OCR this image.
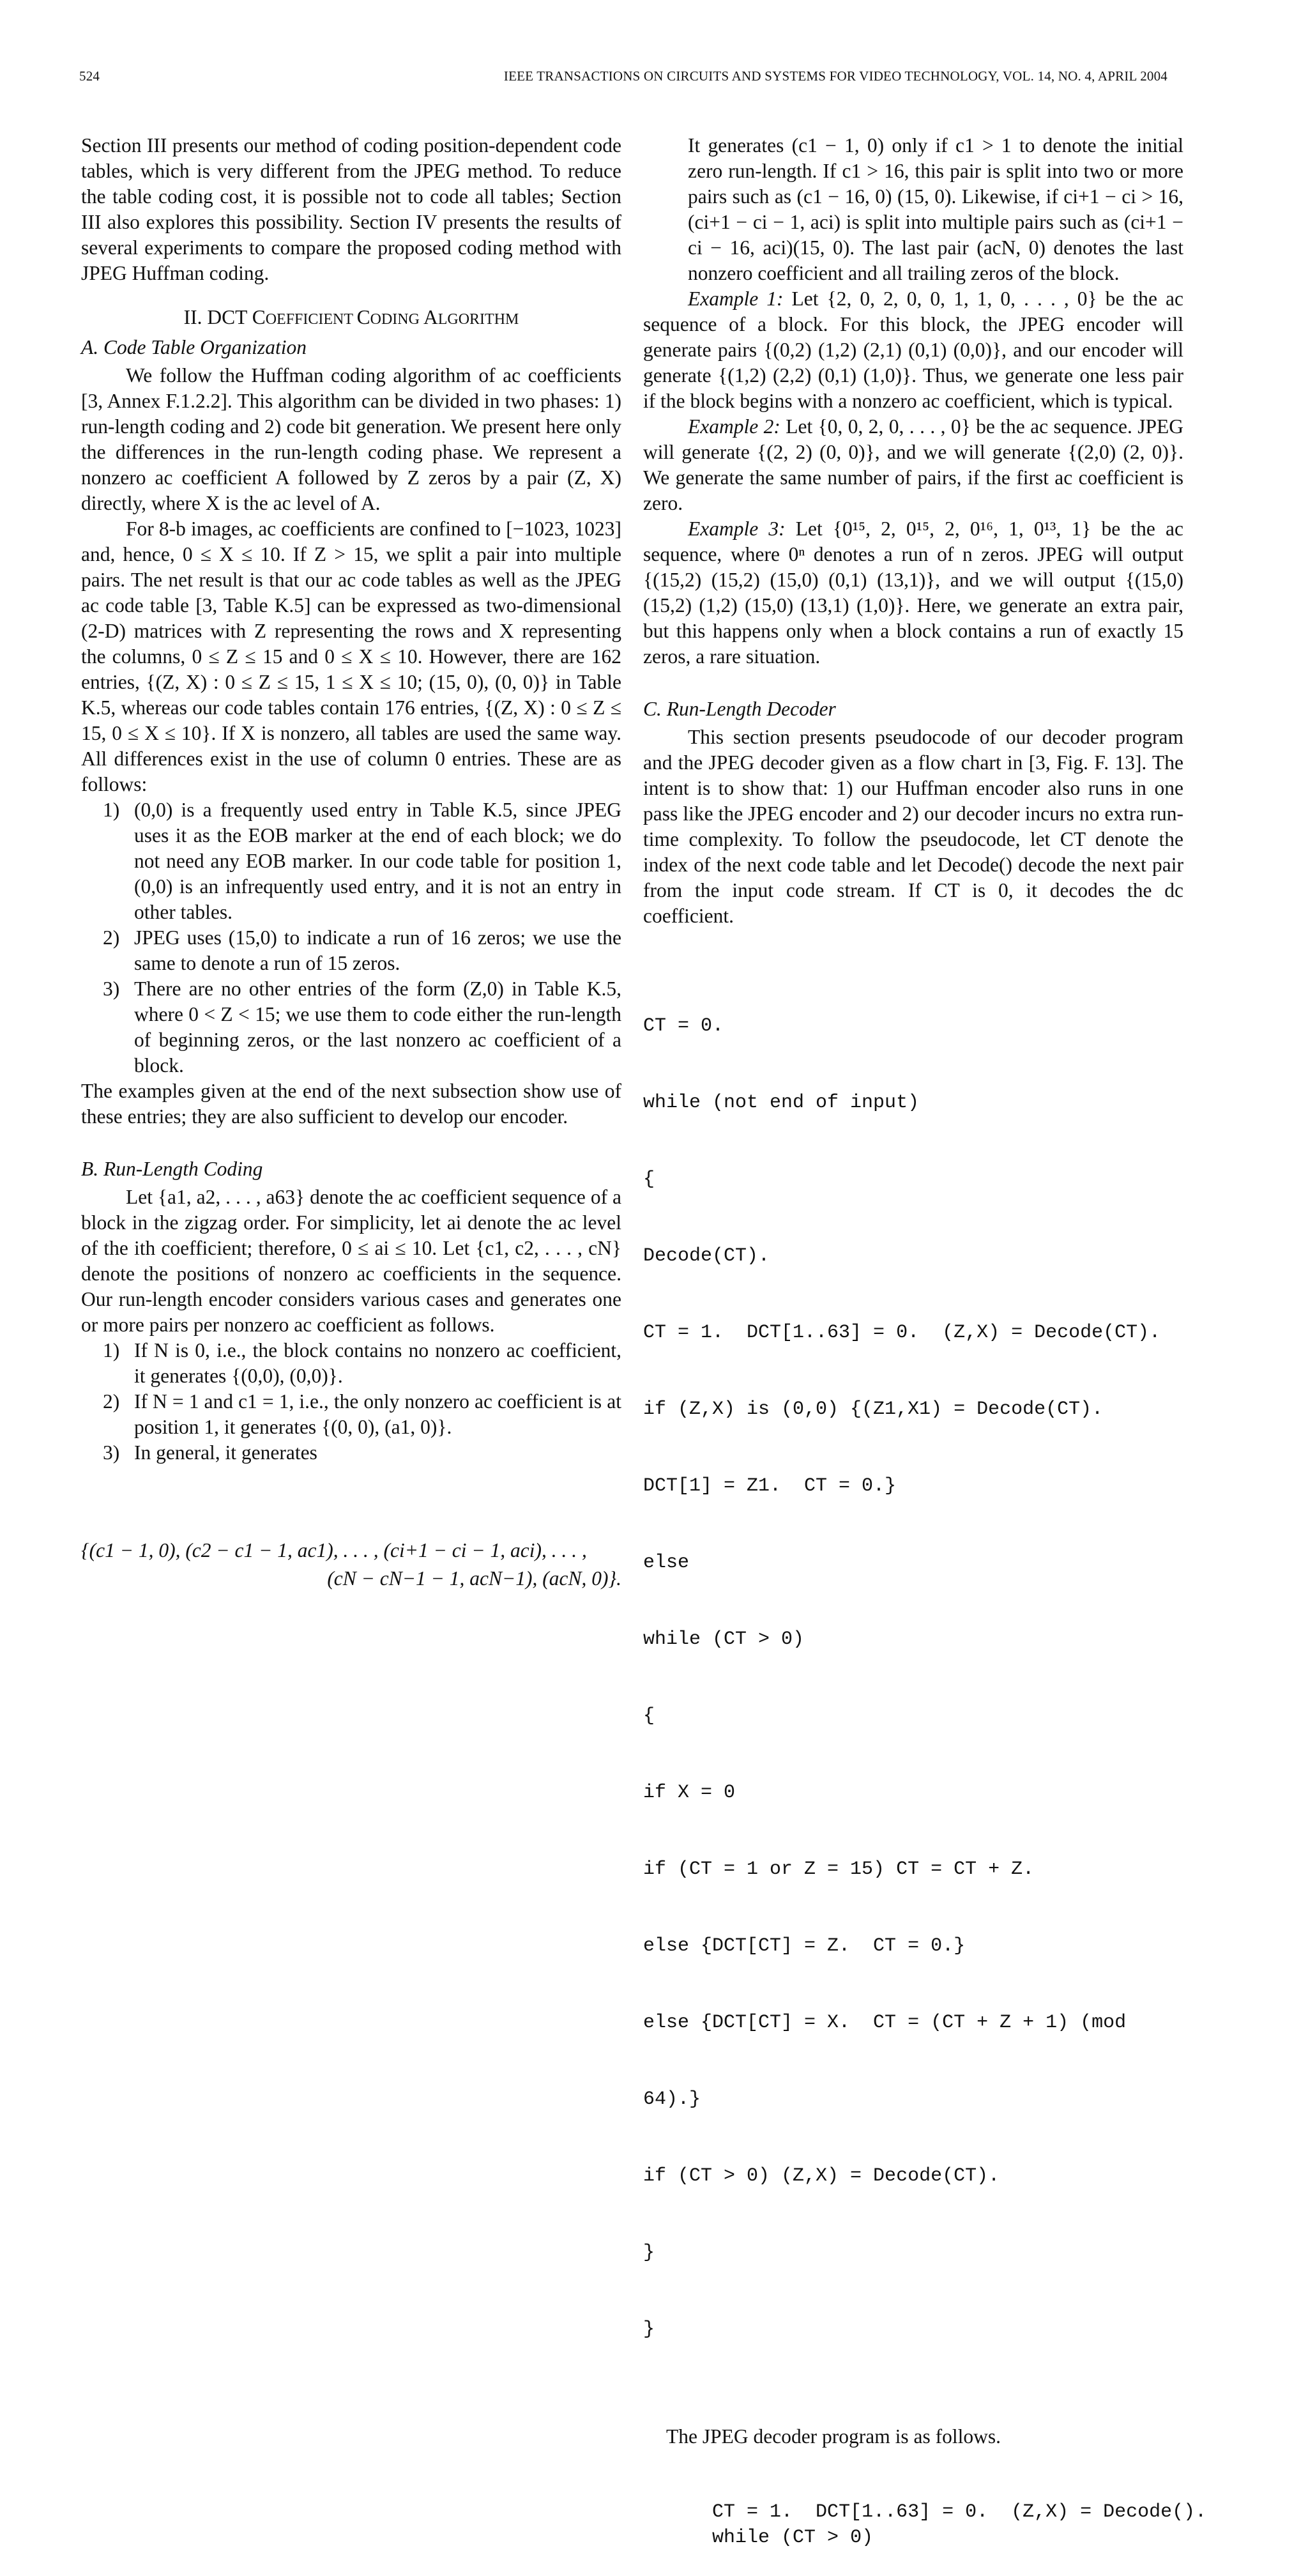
524	IEEE TRANSACTIONS ON CIRCUITS AND SYSTEMS FOR VIDEO TECHNOLOGY, VOL. 14, NO. 4, APRIL 2004

Section III presents our method of coding position-dependent code tables, which is very different from the JPEG method. To reduce the table coding cost, it is possible not to code all tables; Section III also explores this possibility. Section IV presents the results of several experiments to compare the proposed coding method with JPEG Huffman coding.

II. DCT COEFFICIENT CODING ALGORITHM
A. Code Table Organization

We follow the Huffman coding algorithm of ac coefficients [3, Annex F.1.2.2]. This algorithm can be divided in two phases: 1) run-length coding and 2) code bit generation. We present here only the differences in the run-length coding phase. We represent a nonzero ac coefficient A followed by Z zeros by a pair (Z, X) directly, where X is the ac level of A.

For 8-b images, ac coefficients are confined to [−1023, 1023] and, hence, 0 ≤ X ≤ 10. If Z > 15, we split a pair into multiple pairs. The net result is that our ac code tables as well as the JPEG ac code table [3, Table K.5] can be expressed as two-dimensional (2-D) matrices with Z representing the rows and X representing the columns, 0 ≤ Z ≤ 15 and 0 ≤ X ≤ 10. However, there are 162 entries, {(Z, X) : 0 ≤ Z ≤ 15, 1 ≤ X ≤ 10; (15, 0), (0, 0)} in Table K.5, whereas our code tables contain 176 entries, {(Z, X) : 0 ≤ Z ≤ 15, 0 ≤ X ≤ 10}. If X is nonzero, all tables are used the same way. All differences exist in the use of column 0 entries. These are as follows:

1) (0,0) is a frequently used entry in Table K.5, since JPEG uses it as the EOB marker at the end of each block; we do not need any EOB marker. In our code table for position 1, (0,0) is an infrequently used entry, and it is not an entry in other tables.
2) JPEG uses (15,0) to indicate a run of 16 zeros; we use the same to denote a run of 15 zeros.
3) There are no other entries of the form (Z,0) in Table K.5, where 0 < Z < 15; we use them to code either the run-length of beginning zeros, or the last nonzero ac coefficient of a block.

The examples given at the end of the next subsection show use of these entries; they are also sufficient to develop our encoder.

B. Run-Length Coding

Let {a1, a2, . . . , a63} denote the ac coefficient sequence of a block in the zigzag order. For simplicity, let ai denote the ac level of the ith coefficient; therefore, 0 ≤ ai ≤ 10. Let {c1, c2, . . . , cN} denote the positions of nonzero ac coefficients in the sequence. Our run-length encoder considers various cases and generates one or more pairs per nonzero ac coefficient as follows.

1) If N is 0, i.e., the block contains no nonzero ac coefficient, it generates {(0,0), (0,0)}.
2) If N = 1 and c1 = 1, i.e., the only nonzero ac coefficient is at position 1, it generates {(0, 0), (a1, 0)}.
3) In general, it generates
{(c1 − 1, 0), (c2 − c1 − 1, ac1), . . . , (ci+1 − ci − 1, aci), . . . ,
(cN − cN−1 − 1, acN−1), (acN, 0)}.

It generates (c1 − 1, 0) only if c1 > 1 to denote the initial zero run-length. If c1 > 16, this pair is split into two or more pairs such as (c1 − 16, 0) (15, 0). Likewise, if ci+1 − ci > 16, (ci+1 − ci − 1, aci) is split into multiple pairs such as (ci+1 − ci − 16, aci)(15, 0). The last pair (acN, 0) denotes the last nonzero coefficient and all trailing zeros of the block.

Example 1: Let {2, 0, 2, 0, 0, 1, 1, 0, . . . , 0} be the ac sequence of a block. For this block, the JPEG encoder will generate pairs {(0,2) (1,2) (2,1) (0,1) (0,0)}, and our encoder will generate {(1,2) (2,2) (0,1) (1,0)}. Thus, we generate one less pair if the block begins with a nonzero ac coefficient, which is typical.

Example 2: Let {0, 0, 2, 0, . . . , 0} be the ac sequence. JPEG will generate {(2, 2) (0, 0)}, and we will generate {(2,0) (2, 0)}. We generate the same number of pairs, if the first ac coefficient is zero.

Example 3: Let {0¹⁵, 2, 0¹⁵, 2, 0¹⁶, 1, 0¹³, 1} be the ac sequence, where 0ⁿ denotes a run of n zeros. JPEG will output {(15,2) (15,2) (15,0) (0,1) (13,1)}, and we will output {(15,0) (15,2) (1,2) (15,0) (13,1) (1,0)}. Here, we generate an extra pair, but this happens only when a block contains a run of exactly 15 zeros, a rare situation.

C. Run-Length Decoder

This section presents pseudocode of our decoder program and the JPEG decoder given as a flow chart in [3, Fig. F. 13]. The intent is to show that: 1) our Huffman encoder also runs in one pass like the JPEG encoder and 2) our decoder incurs no extra run-time complexity. To follow the pseudocode, let CT denote the index of the next code table and let Decode() decode the next pair from the input code stream. If CT is 0, it decodes the dc coefficient.

CT = 0.

while (not end of input)

{

Decode(CT).

CT = 1.  DCT[1..63] = 0.  (Z,X) = Decode(CT).

if (Z,X) is (0,0) {(Z1,X1) = Decode(CT).

DCT[1] = Z1.  CT = 0.}

else

while (CT > 0)

{

if X = 0

if (CT = 1 or Z = 15) CT = CT + Z.

else {DCT[CT] = Z.  CT = 0.}

else {DCT[CT] = X.  CT = (CT + Z + 1) (mod

64).}

if (CT > 0) (Z,X) = Decode(CT).

}

}

The JPEG decoder program is as follows.

CT = 1.  DCT[1..63] = 0.  (Z,X) = Decode().
while (CT > 0)
